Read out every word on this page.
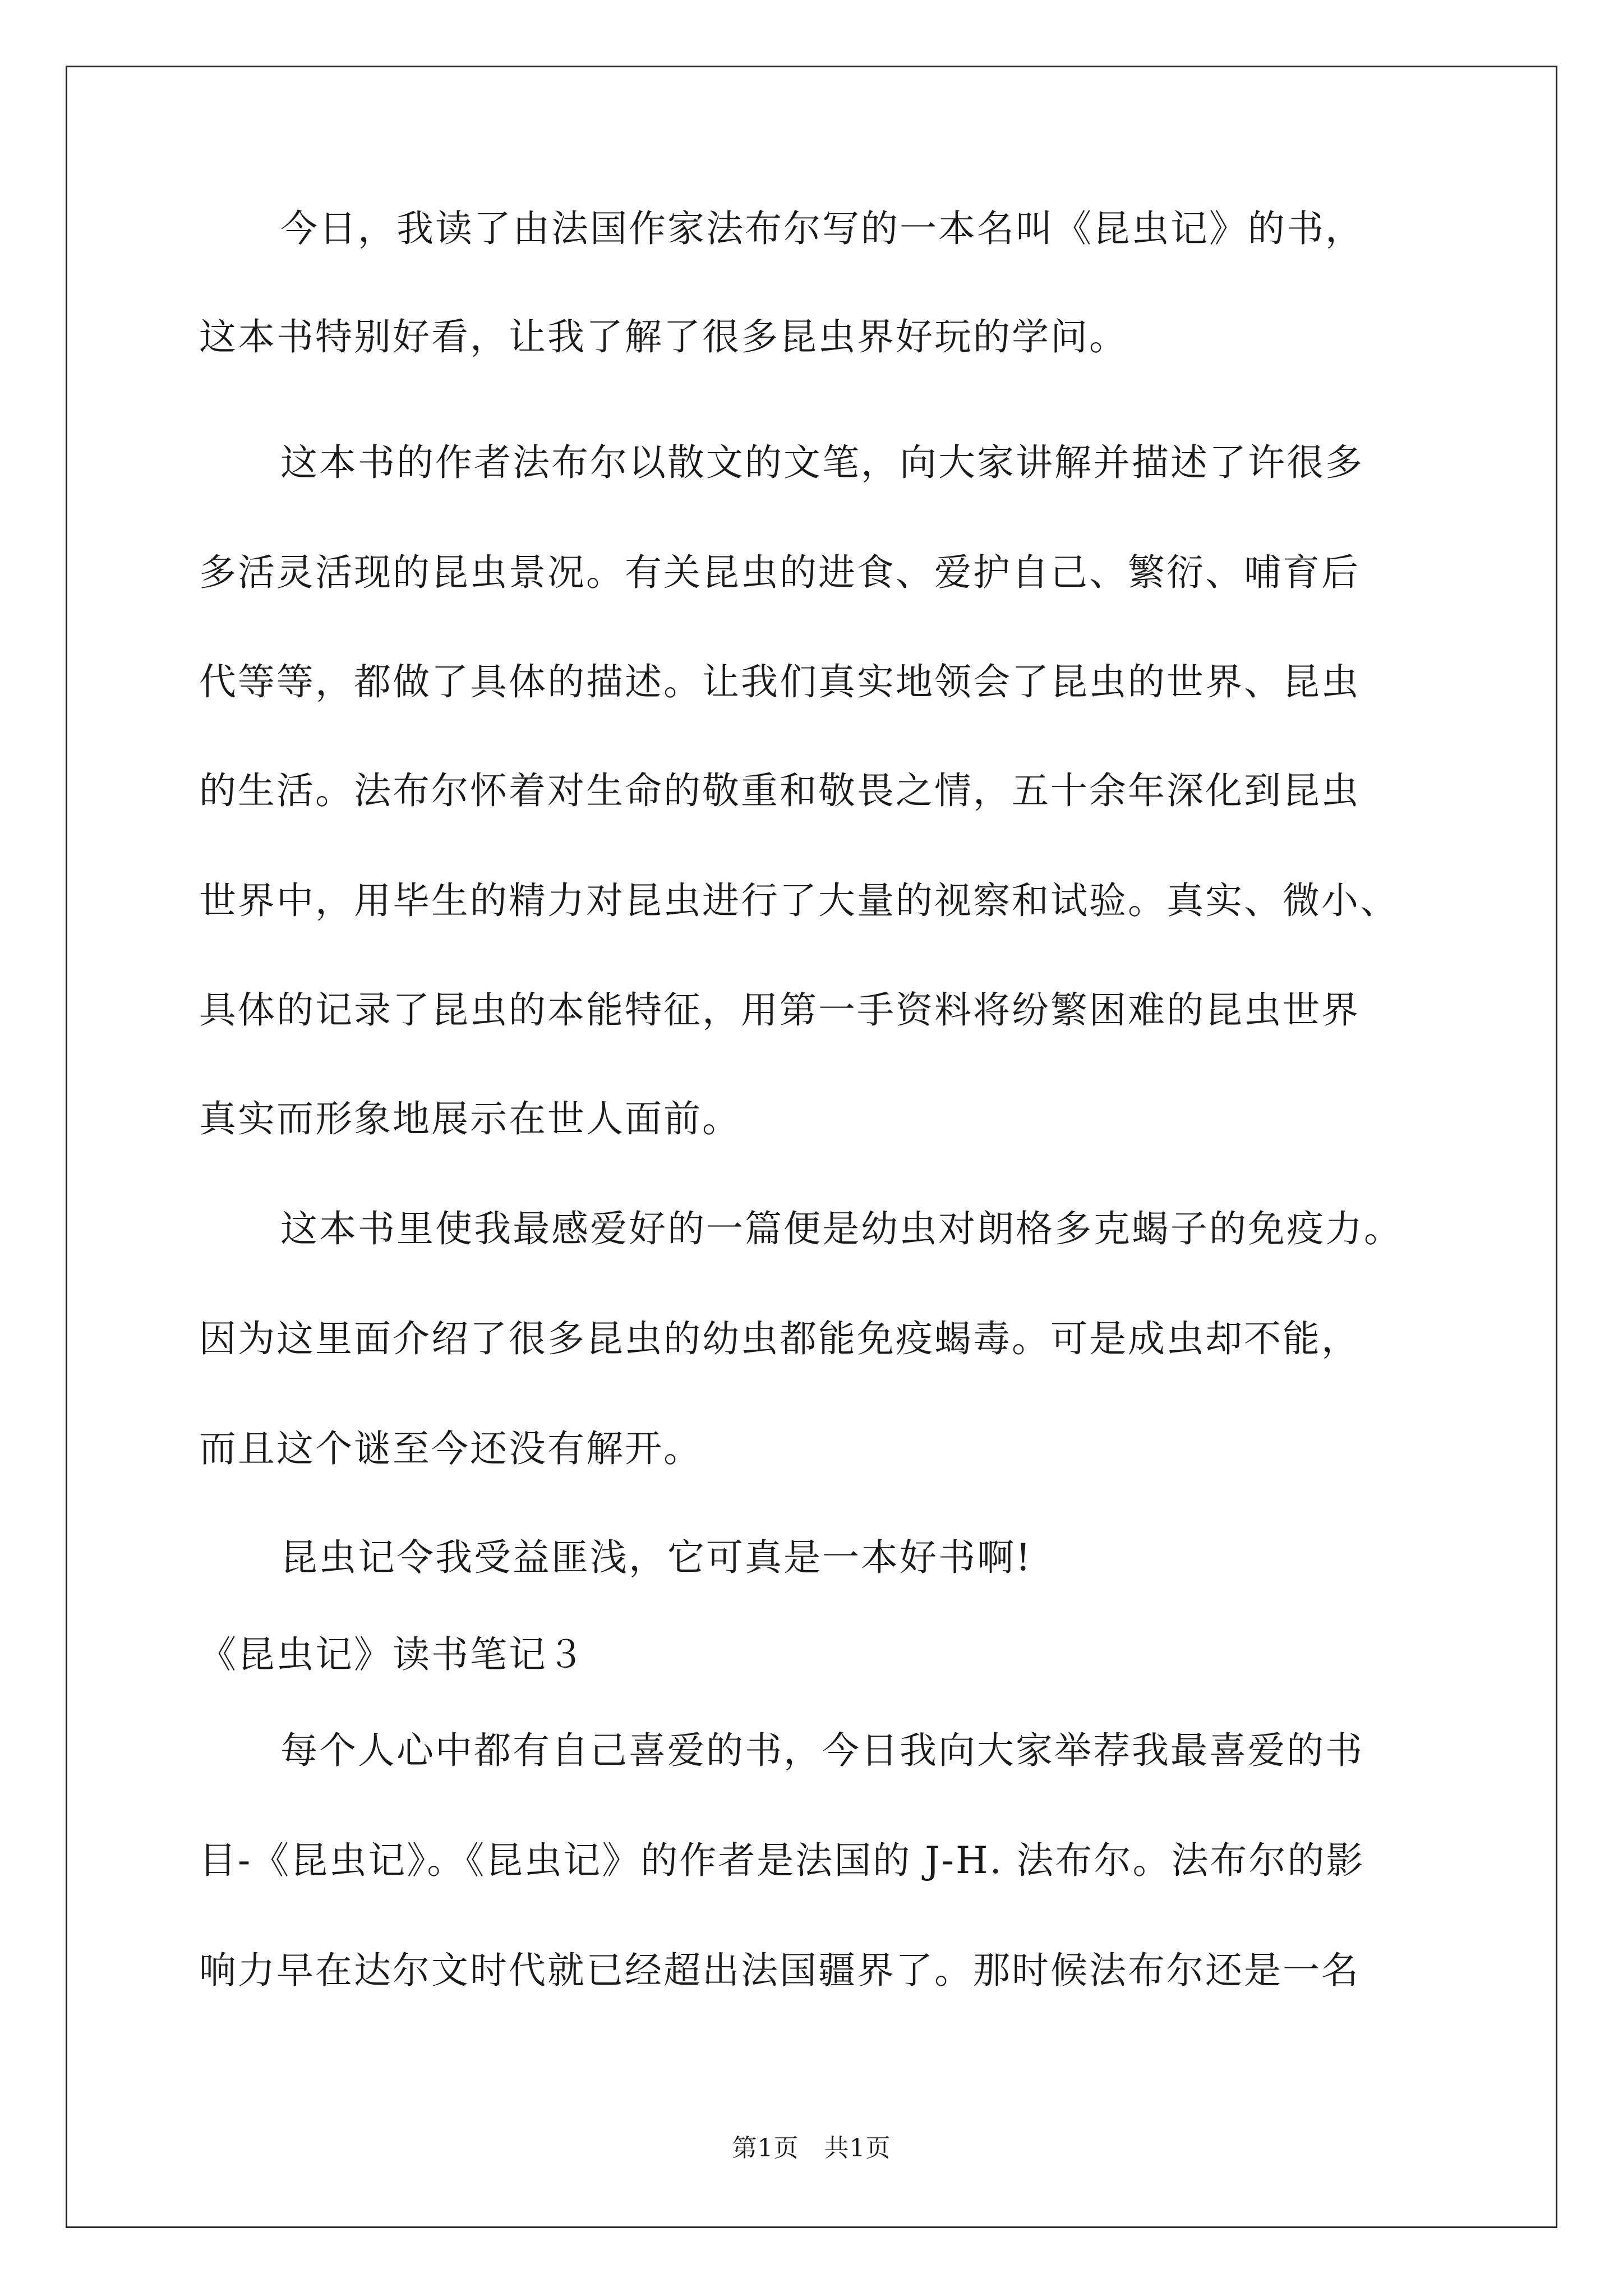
今日，我读了由法国作家法布尔写的一本名叫《昆虫记》的书，
这本书特别好看，让我了解了很多昆虫界好玩的学问。
这本书的作者法布尔以散文的文笔，向大家讲解并描述了许很多
多活灵活现的昆虫景况。有关昆虫的进食、爱护自己、繁衍、哺育后
代等等，都做了具体的描述。让我们真实地领会了昆虫的世界、昆虫
的生活。法布尔怀着对生命的敬重和敬畏之情，五十余年深化到昆虫
世界中，用毕生的精力对昆虫进行了大量的视察和试验。真实、微小、
具体的记录了昆虫的本能特征，用第一手资料将纷繁困难的昆虫世界
真实而形象地展示在世人面前。
这本书里使我最感爱好的一篇便是幼虫对朗格多克蝎子的免疫力。
因为这里面介绍了很多昆虫的幼虫都能免疫蝎毒。可是成虫却不能，
而且这个谜至今还没有解开。
昆虫记令我受益匪浅，它可真是一本好书啊!
《昆虫记》读书笔记３
每个人心中都有自己喜爱的书，今日我向大家举荐我最喜爱的书
目-《昆虫记》。《昆虫记》的作者是法国的 J-H. 法布尔。法布尔的影
响力早在达尔文时代就已经超出法国疆界了。那时候法布尔还是一名
第1页　共1页
